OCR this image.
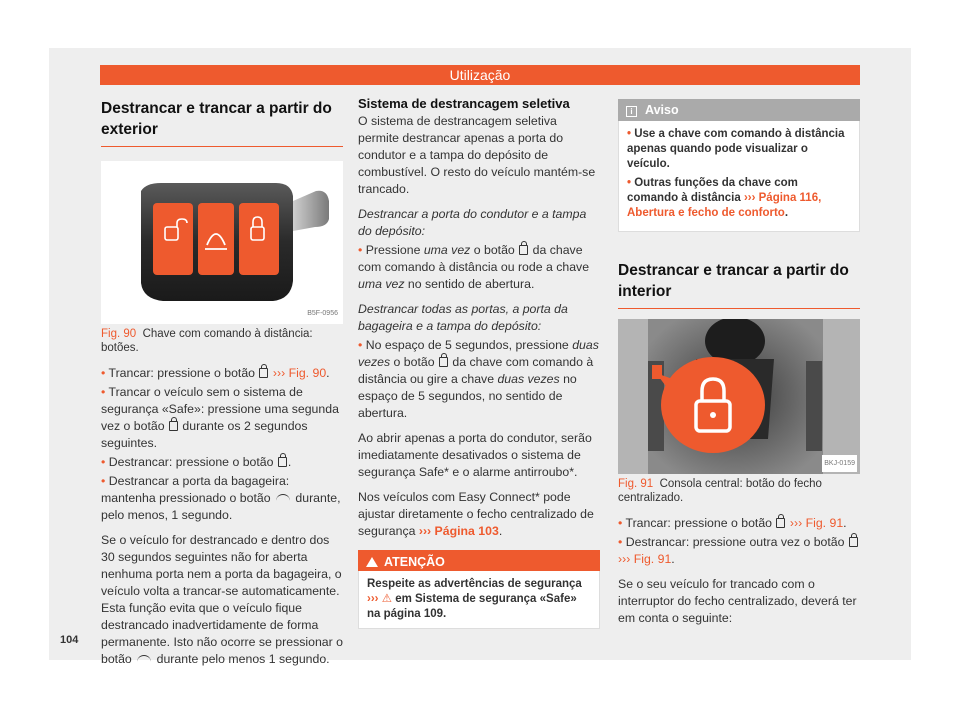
Utilização
Destrancar e trancar a partir do exterior
B5F-0956
Fig. 90 Chave com comando à distância: botões.

• Trancar: pressione o botão  ››› Fig. 90.

• Trancar o veículo sem o sistema de segurança «Safe»: pressione uma segunda vez o botão  durante os 2 segundos seguintes.

• Destrancar: pressione o botão .

• Destrancar a porta da bagageira: mantenha pressionado o botão  durante, pelo menos, 1 segundo.

Se o veículo for destrancado e dentro dos 30 segundos seguintes não for aberta nenhuma porta nem a porta da bagageira, o veículo volta a trancar-se automaticamente. Esta função evita que o veículo fique destrancado inadvertidamente de forma permanente. Isto não ocorre se pressionar o botão  durante pelo menos 1 segundo.

Sistema de destrancagem seletiva

O sistema de destrancagem seletiva permite destrancar apenas a porta do condutor e a tampa do depósito de combustível. O resto do veículo mantém-se trancado.

Destrancar a porta do condutor e a tampa do depósito:

• Pressione uma vez o botão  da chave com comando à distância ou rode a chave uma vez no sentido de abertura.

Destrancar todas as portas, a porta da bagageira e a tampa do depósito:

• No espaço de 5 segundos, pressione duas vezes o botão  da chave com comando à distância ou gire a chave duas vezes no espaço de 5 segundos, no sentido de abertura.

Ao abrir apenas a porta do condutor, serão imediatamente desativados o sistema de segurança Safe* e o alarme antirroubo*.

Nos veículos com Easy Connect* pode ajustar diretamente o fecho centralizado de segurança ››› Página 103.

ATENÇÃO
Respeite as advertências de segurança
››› ⚠ em Sistema de segurança «Safe» na página 109.
i Aviso

• Use a chave com comando à distância apenas quando pode visualizar o veículo.

• Outras funções da chave com comando à distância ››› Página 116, Abertura e fecho de conforto.

Destrancar e trancar a partir do interior
BKJ-0159
Fig. 91 Consola central: botão do fecho centralizado.

• Trancar: pressione o botão  ››› Fig. 91.

• Destrancar: pressione outra vez o botão  ››› Fig. 91.

Se o seu veículo for trancado com o interruptor do fecho centralizado, deverá ter em conta o seguinte:

104
